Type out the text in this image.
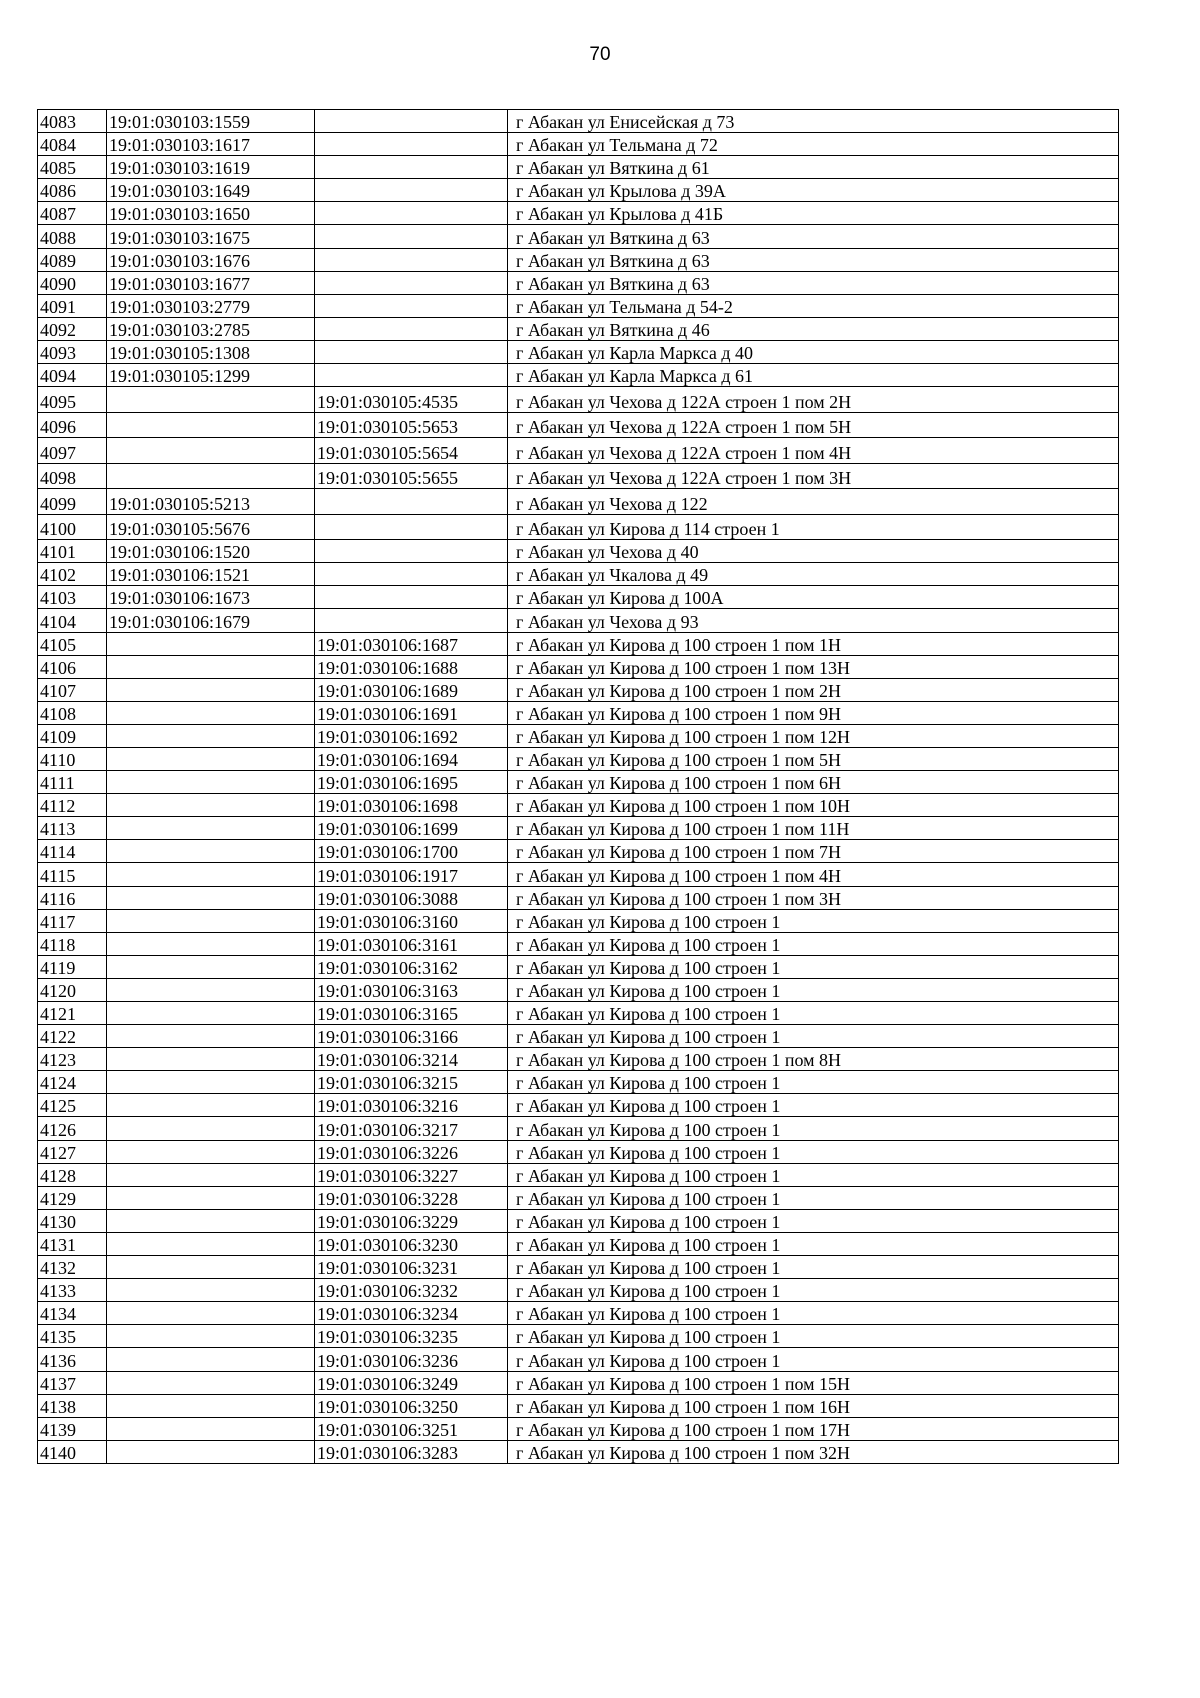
70
4083	19:01:030103:1559		г Абакан ул Енисейская д 73
4084	19:01:030103:1617		г Абакан ул Тельмана д 72
4085	19:01:030103:1619		г Абакан ул Вяткина д 61
4086	19:01:030103:1649		г Абакан ул Крылова д 39А
4087	19:01:030103:1650		г Абакан ул Крылова д 41Б
4088	19:01:030103:1675		г Абакан ул Вяткина д 63
4089	19:01:030103:1676		г Абакан ул Вяткина д 63
4090	19:01:030103:1677		г Абакан ул Вяткина д 63
4091	19:01:030103:2779		г Абакан ул Тельмана д 54-2
4092	19:01:030103:2785		г Абакан ул Вяткина д 46
4093	19:01:030105:1308		г Абакан ул Карла Маркса д 40
4094	19:01:030105:1299		г Абакан ул Карла Маркса д 61
4095		19:01:030105:4535	г Абакан ул Чехова д 122А строен 1 пом 2Н
4096		19:01:030105:5653	г Абакан ул Чехова д 122А строен 1 пом 5Н
4097		19:01:030105:5654	г Абакан ул Чехова д 122А строен 1 пом 4Н
4098		19:01:030105:5655	г Абакан ул Чехова д 122А строен 1 пом 3Н
4099	19:01:030105:5213		г Абакан ул Чехова д 122
4100	19:01:030105:5676		г Абакан ул Кирова д 114 строен 1
4101	19:01:030106:1520		г Абакан ул Чехова д 40
4102	19:01:030106:1521		г Абакан ул Чкалова д 49
4103	19:01:030106:1673		г Абакан ул Кирова д 100А
4104	19:01:030106:1679		г Абакан ул Чехова д 93
4105		19:01:030106:1687	г Абакан ул Кирова д 100 строен 1 пом 1Н
4106		19:01:030106:1688	г Абакан ул Кирова д 100 строен 1 пом 13Н
4107		19:01:030106:1689	г Абакан ул Кирова д 100 строен 1 пом 2Н
4108		19:01:030106:1691	г Абакан ул Кирова д 100 строен 1 пом 9Н
4109		19:01:030106:1692	г Абакан ул Кирова д 100 строен 1 пом 12Н
4110		19:01:030106:1694	г Абакан ул Кирова д 100 строен 1 пом 5Н
4111		19:01:030106:1695	г Абакан ул Кирова д 100 строен 1 пом 6Н
4112		19:01:030106:1698	г Абакан ул Кирова д 100 строен 1 пом 10Н
4113		19:01:030106:1699	г Абакан ул Кирова д 100 строен 1 пом 11Н
4114		19:01:030106:1700	г Абакан ул Кирова д 100 строен 1 пом 7Н
4115		19:01:030106:1917	г Абакан ул Кирова д 100 строен 1 пом 4Н
4116		19:01:030106:3088	г Абакан ул Кирова д 100 строен 1 пом 3Н
4117		19:01:030106:3160	г Абакан ул Кирова д 100 строен 1
4118		19:01:030106:3161	г Абакан ул Кирова д 100 строен 1
4119		19:01:030106:3162	г Абакан ул Кирова д 100 строен 1
4120		19:01:030106:3163	г Абакан ул Кирова д 100 строен 1
4121		19:01:030106:3165	г Абакан ул Кирова д 100 строен 1
4122		19:01:030106:3166	г Абакан ул Кирова д 100 строен 1
4123		19:01:030106:3214	г Абакан ул Кирова д 100 строен 1 пом 8Н
4124		19:01:030106:3215	г Абакан ул Кирова д 100 строен 1
4125		19:01:030106:3216	г Абакан ул Кирова д 100 строен 1
4126		19:01:030106:3217	г Абакан ул Кирова д 100 строен 1
4127		19:01:030106:3226	г Абакан ул Кирова д 100 строен 1
4128		19:01:030106:3227	г Абакан ул Кирова д 100 строен 1
4129		19:01:030106:3228	г Абакан ул Кирова д 100 строен 1
4130		19:01:030106:3229	г Абакан ул Кирова д 100 строен 1
4131		19:01:030106:3230	г Абакан ул Кирова д 100 строен 1
4132		19:01:030106:3231	г Абакан ул Кирова д 100 строен 1
4133		19:01:030106:3232	г Абакан ул Кирова д 100 строен 1
4134		19:01:030106:3234	г Абакан ул Кирова д 100 строен 1
4135		19:01:030106:3235	г Абакан ул Кирова д 100 строен 1
4136		19:01:030106:3236	г Абакан ул Кирова д 100 строен 1
4137		19:01:030106:3249	г Абакан ул Кирова д 100 строен 1 пом 15Н
4138		19:01:030106:3250	г Абакан ул Кирова д 100 строен 1 пом 16Н
4139		19:01:030106:3251	г Абакан ул Кирова д 100 строен 1 пом 17Н
4140		19:01:030106:3283	г Абакан ул Кирова д 100 строен 1 пом 32Н
